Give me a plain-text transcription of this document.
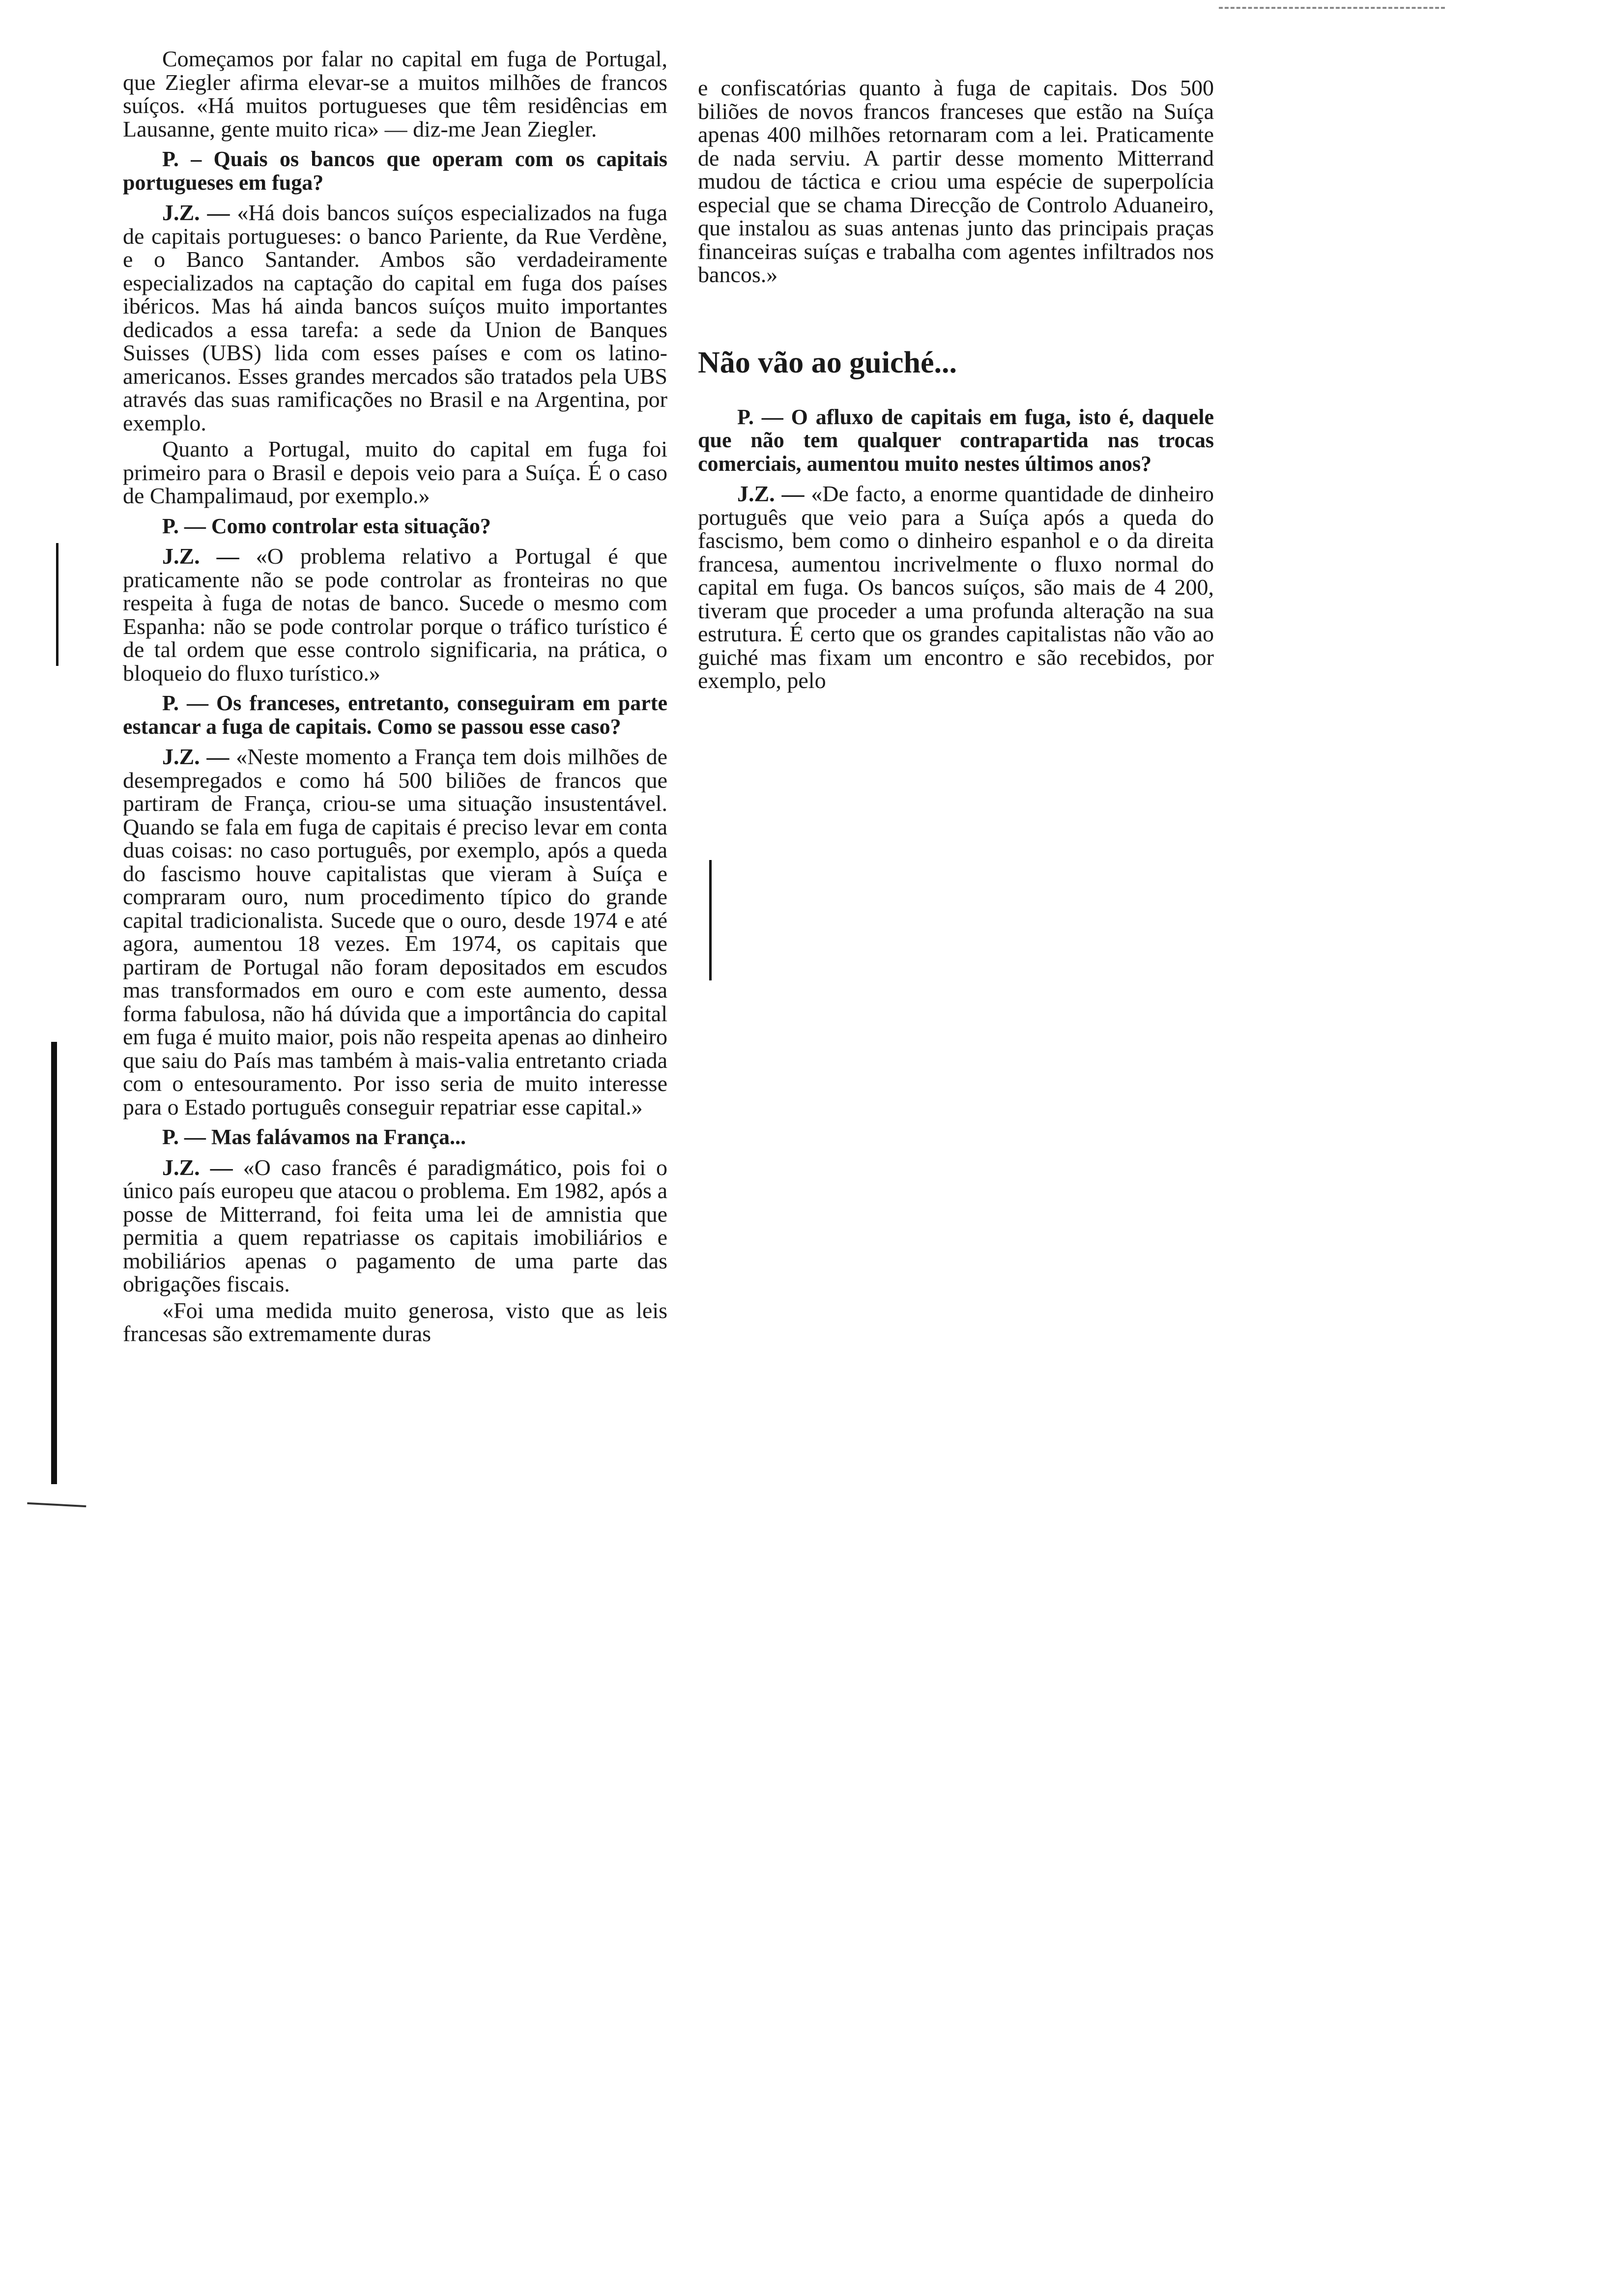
Começamos por falar no capital em fuga de Portugal, que Ziegler afirma elevar-se a muitos milhões de francos suíços. «Há muitos portugueses que têm residências em Lausanne, gente muito rica» — diz-me Jean Ziegler.

P. – Quais os bancos que operam com os capitais portugueses em fuga?

J.Z. — «Há dois bancos suíços especializados na fuga de capitais portugueses: o banco Pariente, da Rue Verdène, e o Banco Santander. Ambos são verdadeiramente especializados na captação do capital em fuga dos países ibéricos. Mas há ainda bancos suíços muito importantes dedicados a essa tarefa: a sede da Union de Banques Suisses (UBS) lida com esses países e com os latino-americanos. Esses grandes mercados são tratados pela UBS através das suas ramificações no Brasil e na Argentina, por exemplo.

Quanto a Portugal, muito do capital em fuga foi primeiro para o Brasil e depois veio para a Suíça. É o caso de Champalimaud, por exemplo.»

P. — Como controlar esta situação?

J.Z. — «O problema relativo a Portugal é que praticamente não se pode controlar as fronteiras no que respeita à fuga de notas de banco. Sucede o mesmo com Espanha: não se pode controlar porque o tráfico turístico é de tal ordem que esse controlo significaria, na prática, o bloqueio do fluxo turístico.»

P. — Os franceses, entretanto, conseguiram em parte estancar a fuga de capitais. Como se passou esse caso?

J.Z. — «Neste momento a França tem dois milhões de desempregados e como há 500 biliões de francos que partiram de França, criou-se uma situação insustentável. Quando se fala em fuga de capitais é preciso levar em conta duas coisas: no caso português, por exemplo, após a queda do fascismo houve capitalistas que vieram à Suíça e compraram ouro, num procedimento típico do grande capital tradicionalista. Sucede que o ouro, desde 1974 e até agora, aumentou 18 vezes. Em 1974, os capitais que partiram de Portugal não foram depositados em escudos mas transformados em ouro e com este aumento, dessa forma fabulosa, não há dúvida que a importância do capital em fuga é muito maior, pois não respeita apenas ao dinheiro que saiu do País mas também à mais-valia entretanto criada com o entesouramento. Por isso seria de muito interesse para o Estado português conseguir repatriar esse capital.»

P. — Mas falávamos na França...

J.Z. — «O caso francês é paradigmático, pois foi o único país europeu que atacou o problema. Em 1982, após a posse de Mitterrand, foi feita uma lei de amnistia que permitia a quem repatriasse os capitais imobiliários e mobiliários apenas o pagamento de uma parte das obrigações fiscais.

«Foi uma medida muito generosa, visto que as leis francesas são extremamente duras

e confiscatórias quanto à fuga de capitais. Dos 500 biliões de novos francos franceses que estão na Suíça apenas 400 milhões retornaram com a lei. Praticamente de nada serviu. A partir desse momento Mitterrand mudou de táctica e criou uma espécie de superpolícia especial que se chama Direcção de Controlo Aduaneiro, que instalou as suas antenas junto das principais praças financeiras suíças e trabalha com agentes infiltrados nos bancos.»

Não vão ao guiché...

P. — O afluxo de capitais em fuga, isto é, daquele que não tem qualquer contrapartida nas trocas comerciais, aumentou muito nestes últimos anos?

J.Z. — «De facto, a enorme quantidade de dinheiro português que veio para a Suíça após a queda do fascismo, bem como o dinheiro espanhol e o da direita francesa, aumentou incrivelmente o fluxo normal do capital em fuga. Os bancos suíços, são mais de 4 200, tiveram que proceder a uma profunda alteração na sua estrutura. É certo que os grandes capitalistas não vão ao guiché mas fixam um encontro e são recebidos, por exemplo, pelo
